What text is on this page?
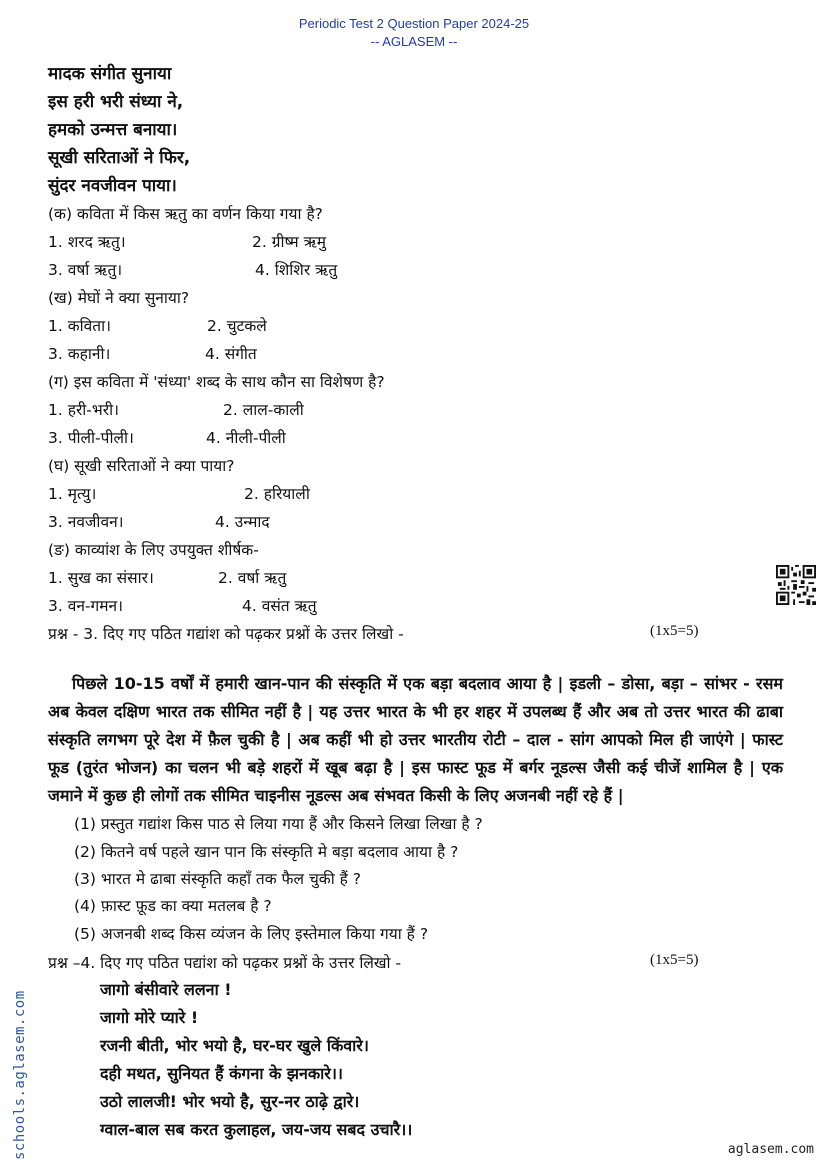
Periodic Test 2 Question Paper 2024-25
-- AGLASEM --
मादक संगीत सुनाया
इस हरी भरी संध्या ने,
हमको उन्मत्त बनाया।
सूखी सरिताओं ने फिर,
सुंदर नवजीवन पाया।
(क) कविता में किस ऋतु का वर्णन किया गया है?
1. शरद ऋतु।	2. ग्रीष्म ऋमु
3. वर्षा ऋतु।	4. शिशिर ऋतु
(ख) मेघों ने क्या सुनाया?
1. कविता।	2. चुटकले
3. कहानी।	4. संगीत
(ग) इस कविता में 'संध्या' शब्द के साथ कौन सा विशेषण है?
1. हरी-भरी।	2. लाल-काली
3. पीली-पीली।	4. नीली-पीली
(घ) सूखी सरिताओं ने क्या पाया?
1. मृत्यु।	2. हरियाली
3. नवजीवन।	4. उन्माद
(ङ) काव्यांश के लिए उपयुक्त शीर्षक-
1. सुख का संसार।	2. वर्षा ऋतु
3. वन-गमन।	4. वसंत ऋतु
प्रश्न - 3. दिए गए पठित गद्यांश को पढ़कर प्रश्नों के उत्तर लिखो -	(1x5=5)
पिछले 10-15 वर्षों में हमारी खान-पान की संस्कृति में एक बड़ा बदलाव आया है | इडली – डोसा, बड़ा – सांभर - रसम अब केवल दक्षिण भारत तक सीमित नहीं है | यह उत्तर भारत के भी हर शहर में उपलब्ध हैं और अब तो उत्तर भारत की ढाबा संस्कृति लगभग पूरे देश में फ़ैल चुकी है | अब कहीं भी हो उत्तर भारतीय रोटी – दाल - सांग आपको मिल ही जाएंगे | फास्ट फूड (तुरंत भोजन) का चलन भी बड़े शहरों में खूब बढ़ा है | इस फास्ट फूड में बर्गर नूडल्स जैसी कई चीजें शामिल है | एक जमाने में कुछ ही लोगों तक सीमित चाइनीस नूडल्स अब संभवत किसी के लिए अजनबी नहीं रहे हैं |
(1) प्रस्तुत गद्यांश किस पाठ से लिया गया हैं और किसने लिखा लिखा है ?
(2) कितने वर्ष पहले खान पान कि संस्कृति मे बड़ा बदलाव आया है ?
(3) भारत मे ढाबा संस्कृति कहाँ तक फैल चुकी हैं ?
(4) फ़ास्ट फ़ूड का क्या मतलब है ?
(5) अजनबी शब्द किस व्यंजन के लिए इस्तेमाल किया गया हैं ?
प्रश्न –4. दिए गए पठित पद्यांश को पढ़कर प्रश्नों के उत्तर लिखो -	(1x5=5)
जागो बंसीवारे ललना !
जागो मोरे प्यारे !
रजनी बीती, भोर भयो है, घर-घर खुले किंवारे।
दही मथत, सुनियत हैं कंगना के झनकारे।।
उठो लालजी! भोर भयो है, सुर-नर ठाढ़े द्वारे।
ग्वाल-बाल सब करत कुलाहल, जय-जय सबद उचारै।।
schools.aglasem.com	aglasem.com
